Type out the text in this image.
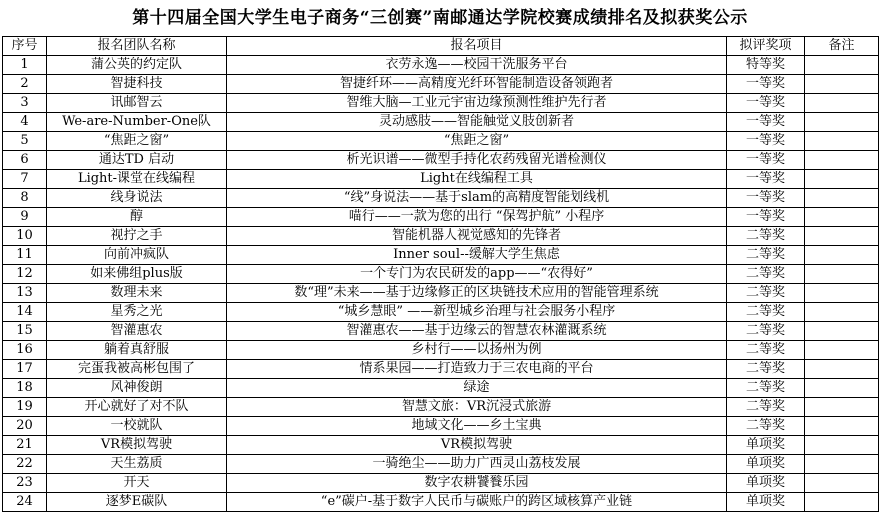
第十四届全国大学生电子商务“三创赛”南邮通达学院校赛成绩排名及拟获奖公示
序号	报名团队名称	报名项目	拟评奖项	备注
1	蒲公英的约定队	衣劳永逸——校园干洗服务平台	特等奖	
2	智捷科技	智捷纤环——高精度光纤环智能制造设备领跑者	一等奖	
3	讯邮智云	智维大脑—工业元宇宙边缘预测性维护先行者	一等奖	
4	We-are-Number-One队	灵动感肢——智能触觉义肢创新者	一等奖	
5	“焦距之窗”	“焦距之窗”	一等奖	
6	通达TD 启动	析光识谱——微型手持化农药残留光谱检测仪	一等奖	
7	Light-课堂在线编程	Light在线编程工具	一等奖	
8	线身说法	“线”身说法——基于slam的高精度智能划线机	一等奖	
9	醇	喵行——一款为您的出行 “保驾护航” 小程序	一等奖	
10	视拧之手	智能机器人视觉感知的先锋者	二等奖	
11	向前冲疯队	Inner soul--缓解大学生焦虑	二等奖	
12	如来佛组plus版	一个专门为农民研发的app——“农得好”	二等奖	
13	数理未来	数“理”未来——基于边缘修正的区块链技术应用的智能管理系统	二等奖	
14	星秀之光	“城乡慧眼” ——新型城乡治理与社会服务小程序	二等奖	
15	智灌惠农	智灌惠农——基于边缘云的智慧农林灌溉系统	二等奖	
16	躺着真舒服	乡村行——以扬州为例	二等奖	
17	完蛋我被高彬包围了	情系果园——打造致力于三农电商的平台	二等奖	
18	风神俊朗	绿途	二等奖	
19	开心就好了对不队	智慧文旅：VR沉浸式旅游	二等奖	
20	一校就队	地域文化——乡土宝典	二等奖	
21	VR模拟驾驶	VR模拟驾驶	单项奖	
22	天生荔质	一骑绝尘——助力广西灵山荔枝发展	单项奖	
23	开天	数字农耕饕餮乐园	单项奖	
24	逐梦E碳队	“e”碳户-基于数字人民币与碳账户的跨区域核算产业链	单项奖	
